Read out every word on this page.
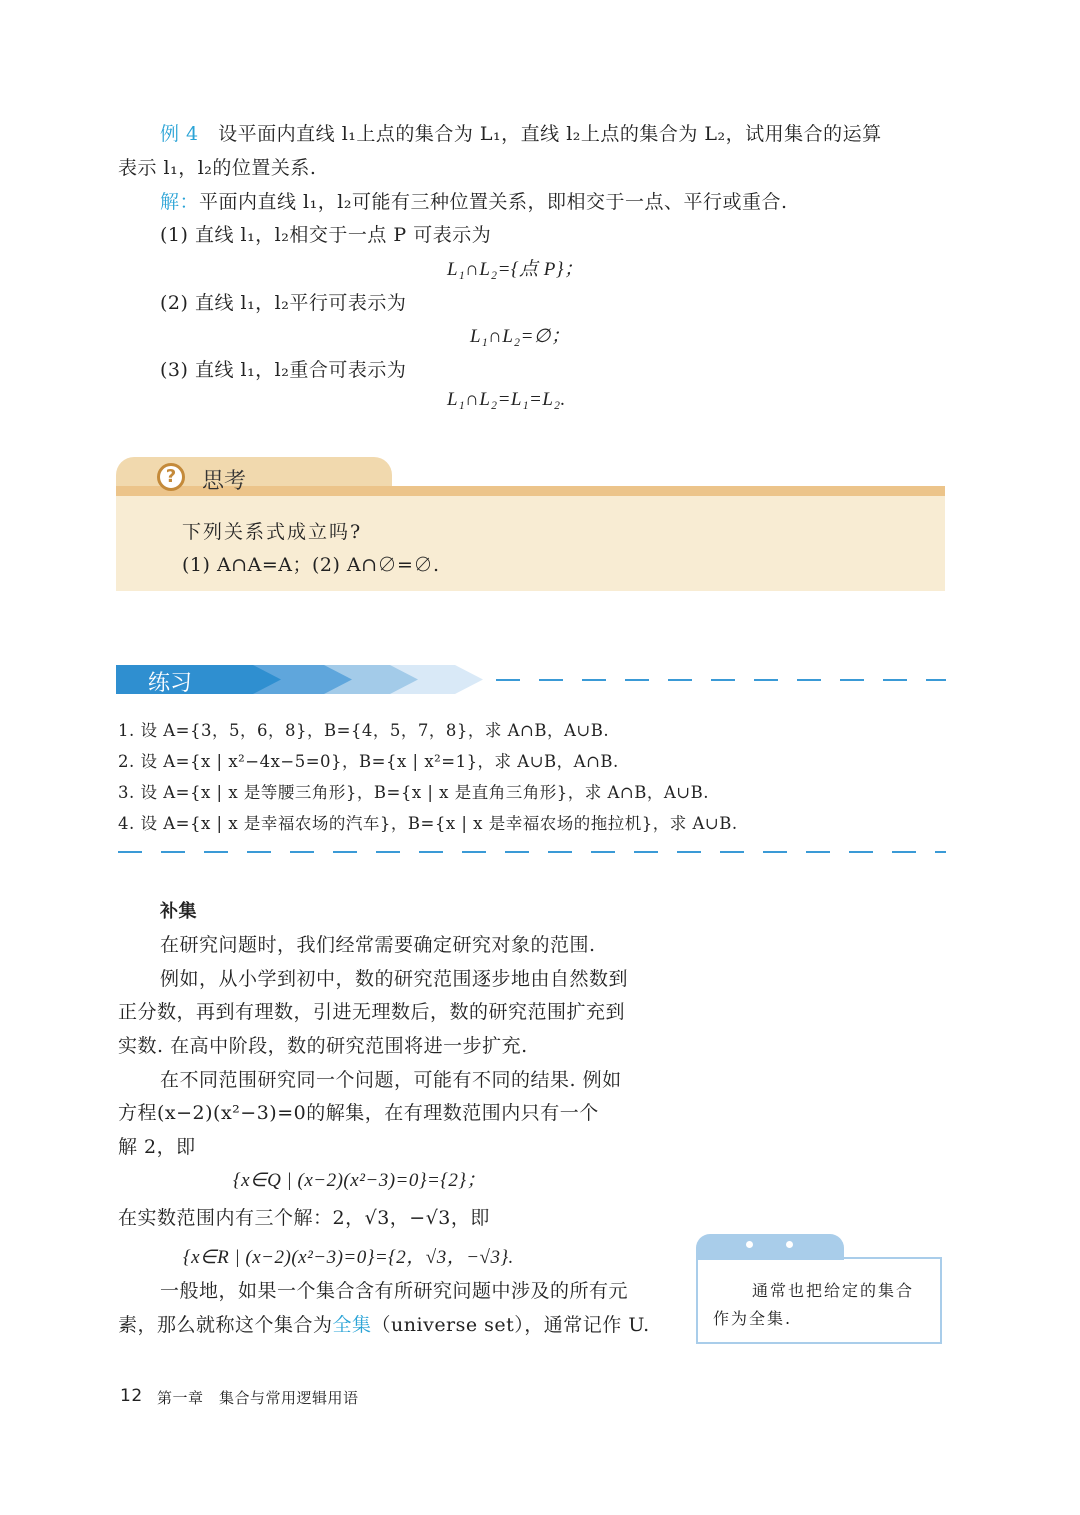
例 4　 设平面内直线 l₁上点的集合为 L₁，直线 l₂上点的集合为 L₂，试用集合的运算
表示 l₁，l₂的位置关系.
解：平面内直线 l₁，l₂可能有三种位置关系，即相交于一点、平行或重合.
(1) 直线 l₁，l₂相交于一点 P 可表示为
L₁∩L₂={点 P}；
(2) 直线 l₁，l₂平行可表示为
L₁∩L₂=∅；
(3) 直线 l₁，l₂重合可表示为
L₁∩L₂=L₁=L₂.
?	思考
下列关系式成立吗?
(1) A∩A=A；(2) A∩∅=∅.
练习
1. 设 A={3，5，6，8}，B={4，5，7，8}，求 A∩B，A∪B.
2. 设 A={x | x²−4x−5=0}，B={x | x²=1}，求 A∪B，A∩B.
3. 设 A={x | x 是等腰三角形}，B={x | x 是直角三角形}，求 A∩B，A∪B.
4. 设 A={x | x 是幸福农场的汽车}，B={x | x 是幸福农场的拖拉机}，求 A∪B.
补集
在研究问题时，我们经常需要确定研究对象的范围.
例如，从小学到初中，数的研究范围逐步地由自然数到
正分数，再到有理数，引进无理数后，数的研究范围扩充到
实数. 在高中阶段，数的研究范围将进一步扩充.
在不同范围研究同一个问题，可能有不同的结果. 例如
方程(x−2)(x²−3)=0的解集，在有理数范围内只有一个
解 2，即
{x∈Q | (x−2)(x²−3)=0}={2}；
在实数范围内有三个解：2，√3，−√3，即
{x∈R | (x−2)(x²−3)=0}={2，√3，−√3}.
一般地，如果一个集合含有所研究问题中涉及的所有元
素，那么就称这个集合为全集（universe set），通常记作 U.
通常也把给定的集合
作为全集.
12 第一章　集合与常用逻辑用语
